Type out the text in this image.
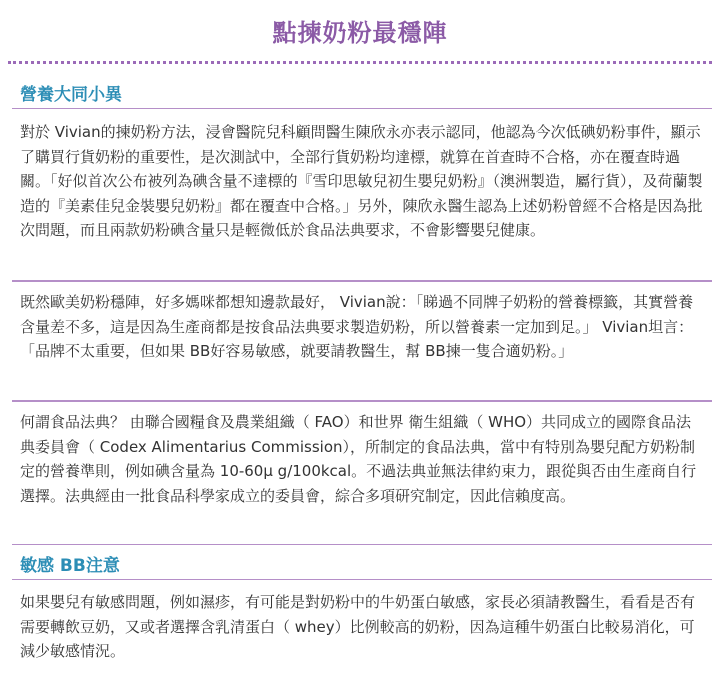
點揀奶粉最穩陣
營養大同小異
對於 Vivian的揀奶粉方法，浸會醫院兒科顧問醫生陳欣永亦表示認同，他認為今次低碘奶粉事件，顯示了購買行貨奶粉的重要性，是次測試中，全部行貨奶粉均達標，就算在首查時不合格，亦在覆查時過關。「好似首次公布被列為碘含量不達標的『雪印思敏兒初生嬰兒奶粉』（澳洲製造，屬行貨），及荷蘭製造的『美素佳兒金裝嬰兒奶粉』都在覆查中合格。」另外，陳欣永醫生認為上述奶粉曾經不合格是因為批次問題，而且兩款奶粉碘含量只是輕微低於食品法典要求，不會影響嬰兒健康。
既然歐美奶粉穩陣，好多媽咪都想知邊款最好， Vivian說：「睇過不同牌子奶粉的營養標籤，其實營養含量差不多，這是因為生產商都是按食品法典要求製造奶粉，所以營養素一定加到足。」 Vivian坦言：「品牌不太重要，但如果 BB好容易敏感，就要請教醫生，幫 BB揀一隻合適奶粉。」
何謂食品法典？ 由聯合國糧食及農業組織（ FAO）和世界 衛生組織（ WHO）共同成立的國際食品法典委員會（ Codex Alimentarius Commission），所制定的食品法典，當中有特別為嬰兒配方奶粉制定的營養準則，例如碘含量為 10-60μ g/100kcal。不過法典並無法律約束力，跟從與否由生產商自行選擇。法典經由一批食品科學家成立的委員會，綜合多項研究制定，因此信賴度高。
敏感 BB注意
如果嬰兒有敏感問題，例如濕疹，有可能是對奶粉中的牛奶蛋白敏感，家長必須請教醫生，看看是否有需要轉飲豆奶，又或者選擇含乳清蛋白（ whey）比例較高的奶粉，因為這種牛奶蛋白比較易消化，可減少敏感情況。
